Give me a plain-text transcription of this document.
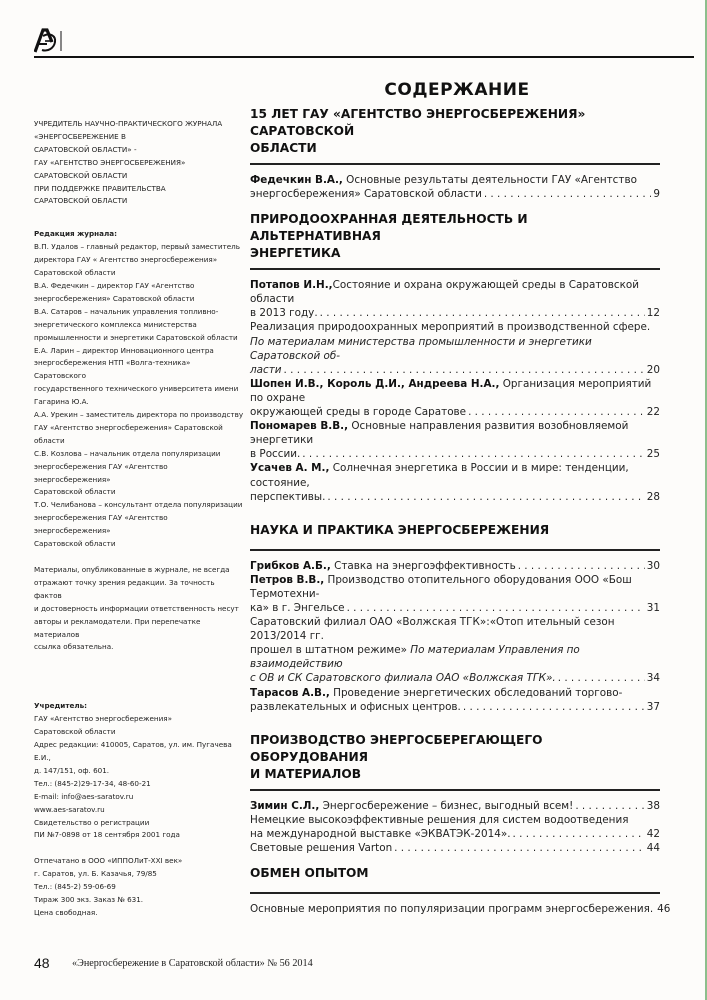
УЧРЕДИТЕЛЬ НАУЧНО-ПРАКТИЧЕСКОГО ЖУРНАЛА
«ЭНЕРГОСБЕРЕЖЕНИЕ В
САРАТОВСКОЙ ОБЛАСТИ» -
ГАУ «АГЕНТСТВО ЭНЕРГОСБЕРЕЖЕНИЯ»
САРАТОВСКОЙ ОБЛАСТИ
ПРИ ПОДДЕРЖКЕ ПРАВИТЕЛЬСТВА
САРАТОВСКОЙ ОБЛАСТИ
Редакция журнала:
В.П. Удалов – главный редактор, первый заместитель
директора ГАУ « Агентство энергосбережения»
Саратовской области
В.А. Федечкин – директор ГАУ «Агентство
энергосбережения» Саратовской области
В.А. Сатаров – начальник управления топливно-
энергетического комплекса министерства
промышленности и энергетики Саратовской области
Е.А. Ларин – директор Инновационного центра
энергосбережения НТП «Волга-техника» Саратовского
государственного технического университета имени
Гагарина Ю.А.
А.А. Урекин – заместитель директора по производству
ГАУ «Агентство энергосбережения» Саратовской
области
С.В. Козлова – начальник отдела популяризации
энергосбережения ГАУ «Агентство энергосбережения»
Саратовской области
Т.О. Челибанова – консультант отдела популяризации
энергосбережения ГАУ «Агентство энергосбережения»
Саратовской области
Материалы, опубликованные в журнале, не всегда
отражают точку зрения редакции. За точность фактов
и достоверность информации ответственность несут
авторы и рекламодатели. При перепечатке материалов
ссылка обязательна.
Учредитель:
ГАУ «Агентство энергосбережения»
Саратовской области
Адрес редакции: 410005, Саратов, ул. им. Пугачева Е.И.,
д. 147/151, оф. 601.
Тел.: (845-2)29-17-34, 48-60-21
E-mail: info@aes-saratov.ru
www.aes-saratov.ru
Свидетельство о регистрации
ПИ №7-0898 от 18 сентября 2001 года
Отпечатано в ООО «ИППОЛиТ-XXI век»
г. Саратов, ул. Б. Казачья, 79/85
Тел.: (845-2) 59-06-69
Тираж 300 экз. Заказ № 631.
Цена свободная.
СОДЕРЖАНИЕ
15 ЛЕТ ГАУ «АГЕНТСТВО ЭНЕРГОСБЕРЕЖЕНИЯ» САРАТОВСКОЙ
ОБЛАСТИ
Федечкин В.А., Основные результаты деятельности ГАУ «Агентство
энергосбережения» Саратовской области . . .	9
ПРИРОДООХРАННАЯ ДЕЯТЕЛЬНОСТЬ И АЛЬТЕРНАТИВНАЯ
ЭНЕРГЕТИКА
Потапов И.Н.,Состояние и охрана окружающей среды в Саратовской области
в 2013 году. . . .	12
Реализация природоохранных мероприятий в производственной сфере.
По материалам министерства промышленности и энергетики Саратовской об-
ласти . . .	20
Шопен И.В., Король Д.И., Андреева Н.А., Организация мероприятий по охране
окружающей среды в городе Саратове . . .	22
Пономарев В.В., Основные направления развития возобновляемой энергетики
в России. . . .	25
Усачев А. М., Солнечная энергетика в России и в мире: тенденции, состояние,
перспективы. . . .	28
НАУКА И ПРАКТИКА ЭНЕРГОСБЕРЕЖЕНИЯ
Грибков А.Б., Ставка на энергоэффективность . . .	30
Петров В.В., Производство отопительного оборудования ООО «Бош Термотехни-
ка» в г. Энгельсе . . .	31
Саратовский филиал ОАО «Волжская ТГК»:«Отоп ительный сезон 2013/2014 гг.
прошел в штатном режиме» По материалам Управления по взаимодействию
с ОВ и СК Саратовского филиала ОАО «Волжская ТГК». . . .	34
Тарасов А.В., Проведение энергетических обследований торгово-
развлекательных и офисных центров. . . .	37
ПРОИЗВОДСТВО ЭНЕРГОСБЕРЕГАЮЩЕГО ОБОРУДОВАНИЯ
И МАТЕРИАЛОВ
Зимин С.Л., Энергосбережение – бизнес, выгодный всем! . . .	38
Немецкие высокоэффективные решения для систем водоотведения
на международной выставке «ЭКВАТЭК-2014». . . .	42
Световые решения Varton . . .	44
ОБМЕН ОПЫТОМ
Основные мероприятия по популяризации программ энергосбережения. 46
48 «Энергосбережение в Саратовской области» № 56 2014
